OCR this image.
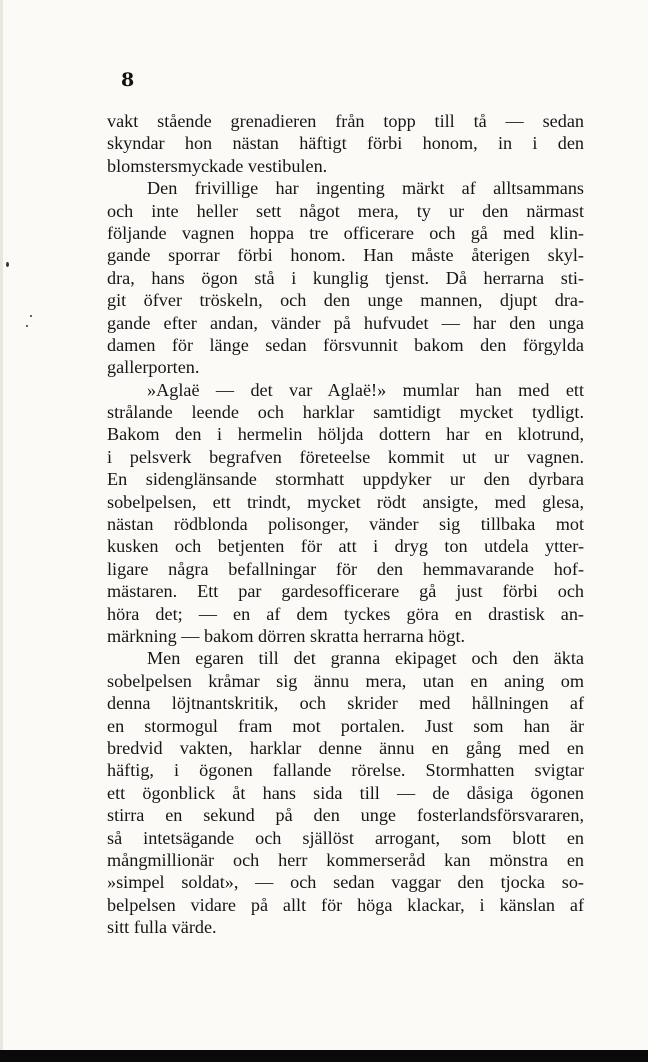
8

vakt stående grenadieren från topp till tå — sedan
skyndar hon nästan häftigt förbi honom, in i den
blomstersmyckade vestibulen.

Den frivillige har ingenting märkt af alltsammans
och inte heller sett något mera, ty ur den närmast
följande vagnen hoppa tre officerare och gå med klin-
gande sporrar förbi honom. Han måste återigen skyl-
dra, hans ögon stå i kunglig tjenst. Då herrarna sti-
git öfver tröskeln, och den unge mannen, djupt dra-
gande efter andan, vänder på hufvudet — har den unga
damen för länge sedan försvunnit bakom den förgylda
gallerporten.

»Aglaë — det var Aglaë!» mumlar han med ett
strålande leende och harklar samtidigt mycket tydligt.
Bakom den i hermelin höljda dottern har en klotrund,
i pelsverk begrafven företeelse kommit ut ur vagnen.
En sidenglänsande stormhatt uppdyker ur den dyrbara
sobelpelsen, ett trindt, mycket rödt ansigte, med glesa,
nästan rödblonda polisonger, vänder sig tillbaka mot
kusken och betjenten för att i dryg ton utdela ytter-
ligare några befallningar för den hemmavarande hof-
mästaren. Ett par gardesofficerare gå just förbi och
höra det; — en af dem tyckes göra en drastisk an-
märkning — bakom dörren skratta herrarna högt.

Men egaren till det granna ekipaget och den äkta
sobelpelsen kråmar sig ännu mera, utan en aning om
denna löjtnantskritik, och skrider med hållningen af
en stormogul fram mot portalen. Just som han är
bredvid vakten, harklar denne ännu en gång med en
häftig, i ögonen fallande rörelse. Stormhatten svigtar
ett ögonblick åt hans sida till — de dåsiga ögonen
stirra en sekund på den unge fosterlandsförsvararen,
så intetsägande och själlöst arrogant, som blott en
mångmillionär och herr kommerseråd kan mönstra en
»simpel soldat», — och sedan vaggar den tjocka so-
belpelsen vidare på allt för höga klackar, i känslan af
sitt fulla värde.
